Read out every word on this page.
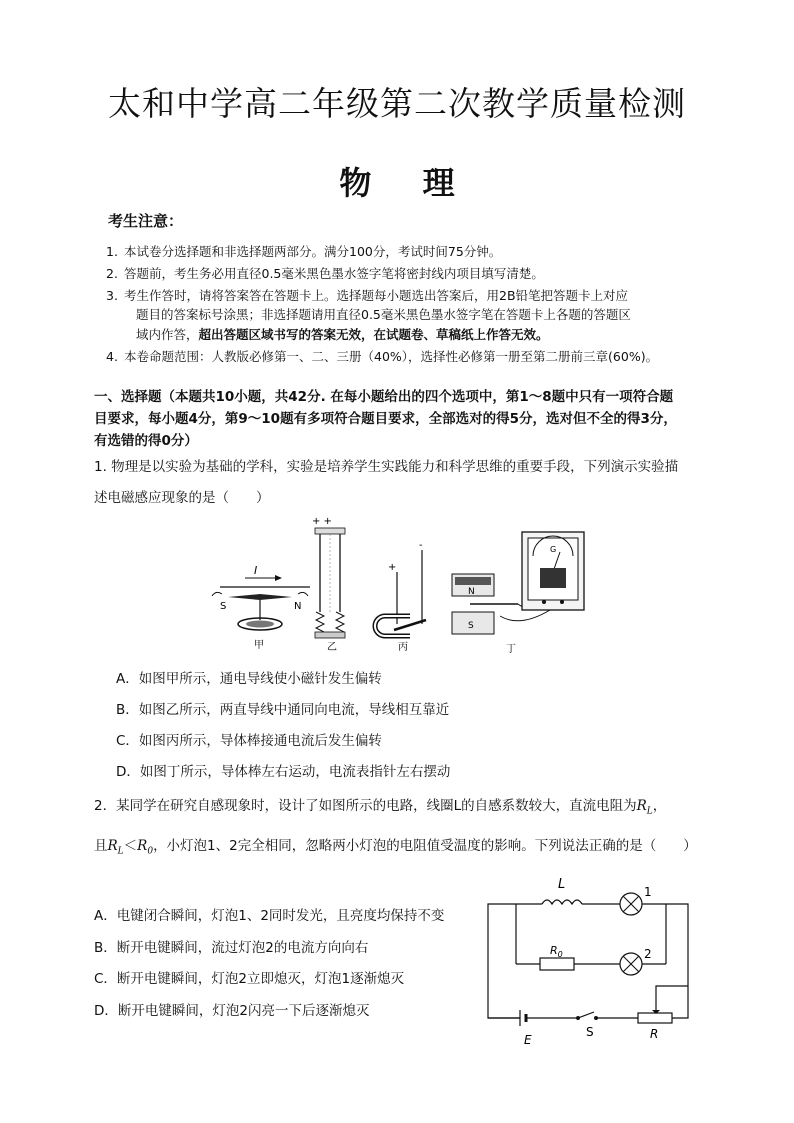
太和中学高二年级第二次教学质量检测
物 理
考生注意：
1. 本试卷分选择题和非选择题两部分。满分100分，考试时间75分钟。
2. 答题前，考生务必用直径0.5毫米黑色墨水签字笔将密封线内项目填写清楚。
3. 考生作答时，请将答案答在答题卡上。选择题每小题选出答案后，用2B铅笔把答题卡上对应
题目的答案标号涂黑；非选择题请用直径0.5毫米黑色墨水签字笔在答题卡上各题的答题区
域内作答，超出答题区域书写的答案无效，在试题卷、草稿纸上作答无效。
4. 本卷命题范围：人教版必修第一、二、三册（40%），选择性必修第一册至第二册前三章(60%)。
一、选择题（本题共10小题，共42分. 在每小题给出的四个选项中，第1～8题中只有一项符合题
目要求，每小题4分，第9～10题有多项符合题目要求，全部选对的得5分，选对但不全的得3分，
有选错的得0分）
1. 物理是以实验为基础的学科，实验是培养学生实践能力和科学思维的重要手段，下列演示实验描
述电磁感应现象的是（　　）
I
S	N
甲
+ +
乙
+
-
丙
N
S
G
丁
A．如图甲所示，通电导线使小磁针发生偏转
B．如图乙所示，两直导线中通同向电流，导线相互靠近
C．如图丙所示，导体棒接通电流后发生偏转
D．如图丁所示，导体棒左右运动，电流表指针左右摆动
2．某同学在研究自感现象时，设计了如图所示的电路，线圈L的自感系数较大，直流电阻为$R_L$，
且$R_L<R_0$，小灯泡1、2完全相同，忽略两小灯泡的电阻值受温度的影响。下列说法正确的是（　　）
A．电键闭合瞬间，灯泡1、2同时发光，且亮度均保持不变
B．断开电键瞬间，流过灯泡2的电流方向向右
C．断开电键瞬间，灯泡2立即熄灭，灯泡1逐渐熄灭
D．断开电键瞬间，灯泡2闪亮一下后逐渐熄灭
L	1
$R_0$	2
E
S	R
